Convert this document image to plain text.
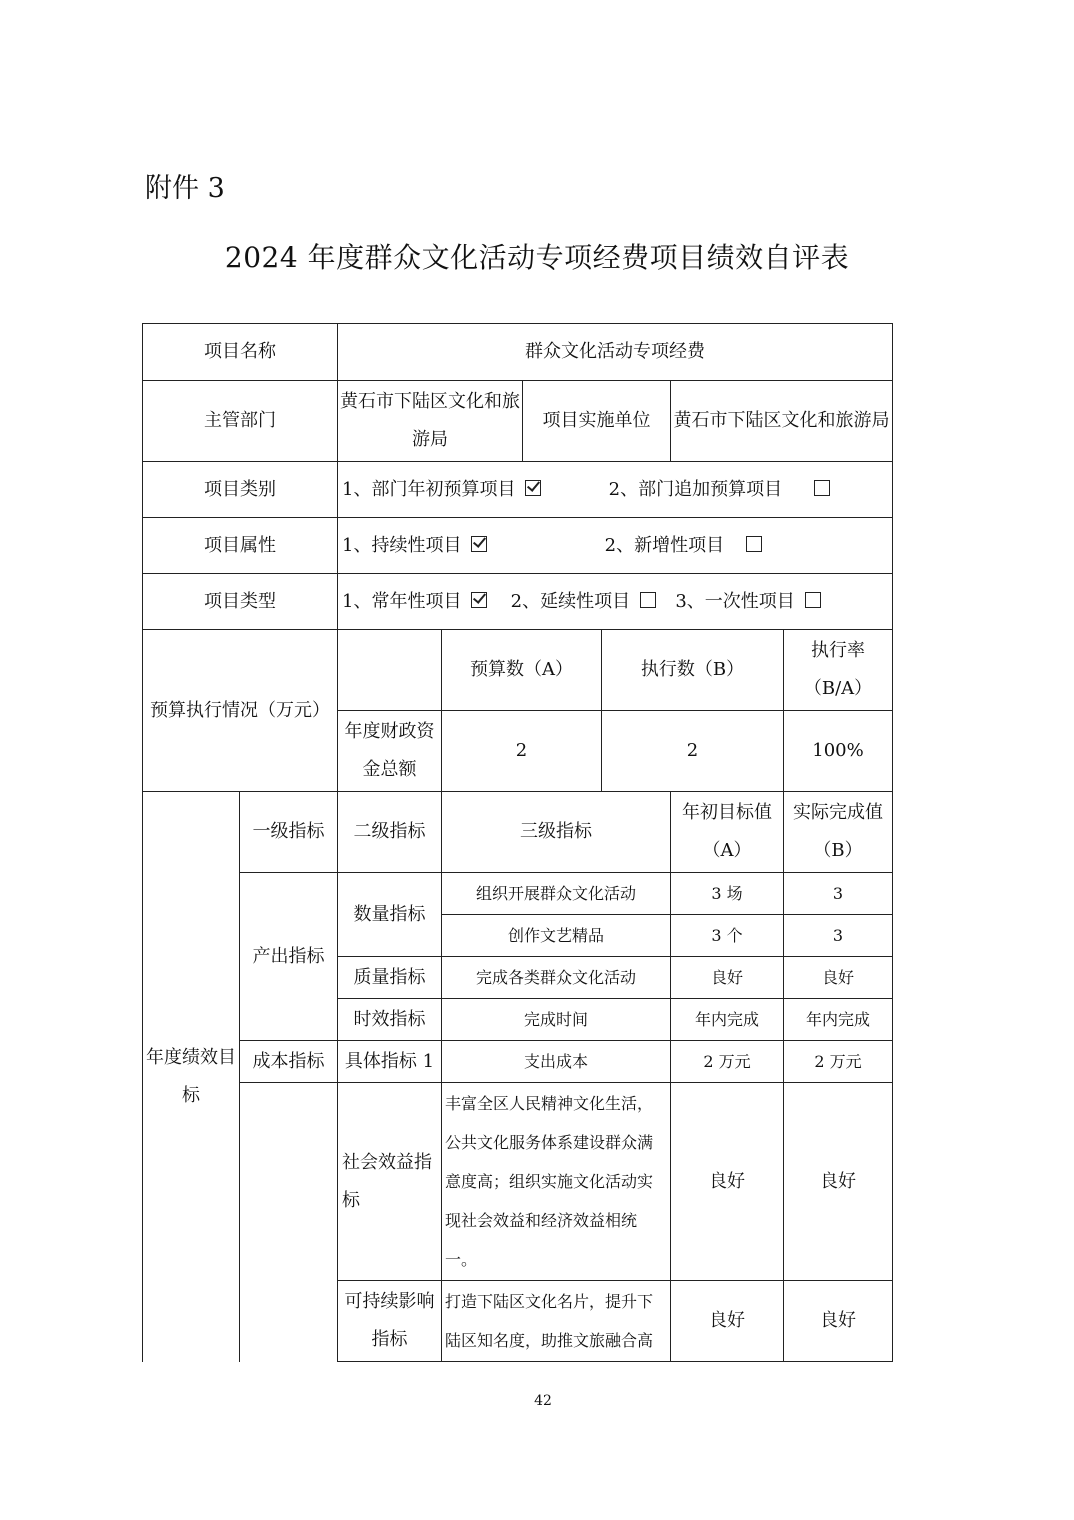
附件 3
2024 年度群众文化活动专项经费项目绩效自评表
项目名称		群众文化活动专项经费					
主管部门		黄石市下陆区文化和旅游局		项目实施单位		黄石市下陆区文化和旅游局	
项目类别		1、部门年初预算项目 2、部门追加预算项目					
项目属性		1、持续性项目 2、新增性项目					
项目类型		1、常年性项目 2、延续性项目 3、一次性项目					
预算执行情况（万元）			预算数（A）		执行数（B）		执行率（B/A）
		年度财政资金总额	2		2		100%
年度绩效目标	一级指标	二级指标	三级指标			年初目标值（A）	实际完成值（B）
	产出指标	数量指标	组织开展群众文化活动			3 场	3
			创作文艺精品			3 个	3
		质量指标	完成各类群众文化活动			良好	良好
		时效指标	完成时间			年内完成	年内完成
	成本指标	具体指标 1	支出成本			2 万元	2 万元
		社会效益指标	丰富全区人民精神文化生活，公共文化服务体系建设群众满意度高；组织实施文化活动实现社会效益和经济效益相统一。			良好	良好
		可持续影响指标	打造下陆区文化名片，提升下陆区知名度，助推文旅融合高			良好	良好
42
